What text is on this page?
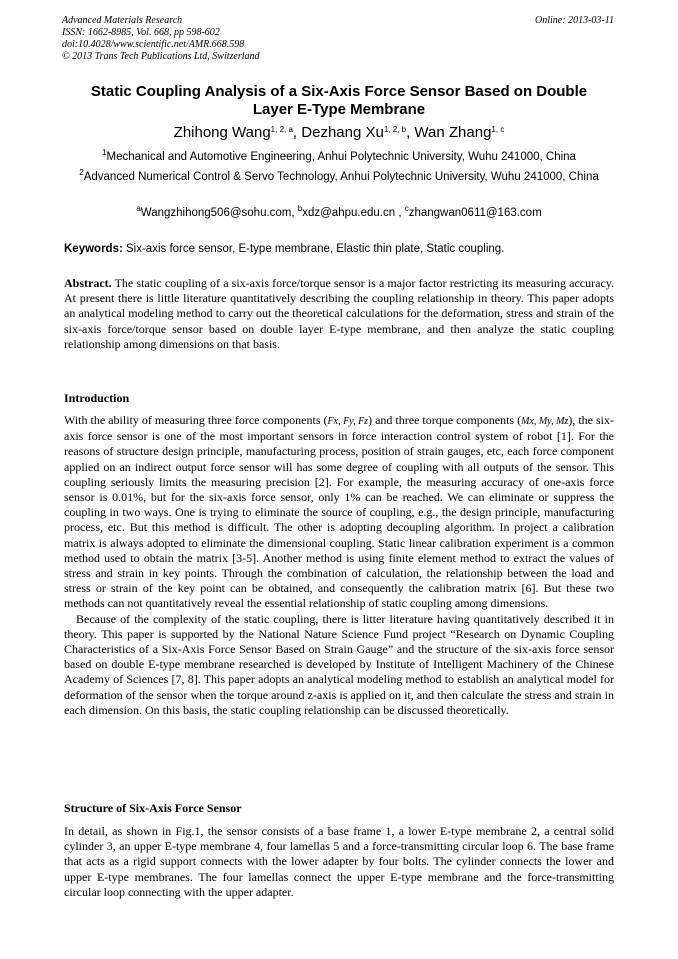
Advanced Materials Research
ISSN: 1662-8985, Vol. 668, pp 598-602
doi:10.4028/www.scientific.net/AMR.668.598
© 2013 Trans Tech Publications Ltd, Switzerland
Online: 2013-03-11
Static Coupling Analysis of a Six-Axis Force Sensor Based on Double
Layer E-Type Membrane
Zhihong Wang$^{1, 2, a}$, Dezhang Xu$^{1, 2, b}$, Wan Zhang$^{1, c}$
$^1$Mechanical and Automotive Engineering, Anhui Polytechnic University, Wuhu 241000, China
$^2$Advanced Numerical Control & Servo Technology, Anhui Polytechnic University, Wuhu 241000, China
$^a$Wangzhihong506@sohu.com, $^b$xdz@ahpu.edu.cn , $^c$zhangwan0611@163.com
Keywords: Six-axis force sensor, E-type membrane, Elastic thin plate, Static coupling.

Abstract. The static coupling of a six-axis force/torque sensor is a major factor restricting its measuring accuracy. At present there is little literature quantitatively describing the coupling relationship in theory. This paper adopts an analytical modeling method to carry out the theoretical calculations for the deformation, stress and strain of the six-axis force/torque sensor based on double layer E-type membrane, and then analyze the static coupling relationship among dimensions on that basis.

Introduction

With the ability of measuring three force components (Fx, Fy, Fz) and three torque components (Mx, My, Mz), the six-axis force sensor is one of the most important sensors in force interaction control system of robot [1]. For the reasons of structure design principle, manufacturing process, position of strain gauges, etc, each force component applied on an indirect output force sensor will has some degree of coupling with all outputs of the sensor. This coupling seriously limits the measuring precision [2]. For example, the measuring accuracy of one-axis force sensor is 0.01%, but for the six-axis force sensor, only 1% can be reached. We can eliminate or suppress the coupling in two ways. One is trying to eliminate the source of coupling, e.g., the design principle, manufacturing process, etc. But this method is difficult. The other is adopting decoupling algorithm. In project a calibration matrix is always adopted to eliminate the dimensional coupling. Static linear calibration experiment is a common method used to obtain the matrix [3-5]. Another method is using finite element method to extract the values of stress and strain in key points. Through the combination of calculation, the relationship between the load and stress or strain of the key point can be obtained, and consequently the calibration matrix [6]. But these two methods can not quantitatively reveal the essential relationship of static coupling among dimensions.

Because of the complexity of the static coupling, there is litter literature having quantitatively described it in theory. This paper is supported by the National Nature Science Fund project “Research on Dynamic Coupling Characteristics of a Six-Axis Force Sensor Based on Strain Gauge” and the structure of the six-axis force sensor based on double E-type membrane researched is developed by Institute of Intelligent Machinery of the Chinese Academy of Sciences [7, 8]. This paper adopts an analytical modeling method to establish an analytical model for deformation of the sensor when the torque around z-axis is applied on it, and then calculate the stress and strain in each dimension. On this basis, the static coupling relationship can be discussed theoretically.

Structure of Six-Axis Force Sensor

In detail, as shown in Fig.1, the sensor consists of a base frame 1, a lower E-type membrane 2, a central solid cylinder 3, an upper E-type membrane 4, four lamellas 5 and a force-transmitting circular loop 6. The base frame that acts as a rigid support connects with the lower adapter by four bolts. The cylinder connects the lower and upper E-type membranes. The four lamellas connect the upper E-type membrane and the force-transmitting circular loop connecting with the upper adapter.
